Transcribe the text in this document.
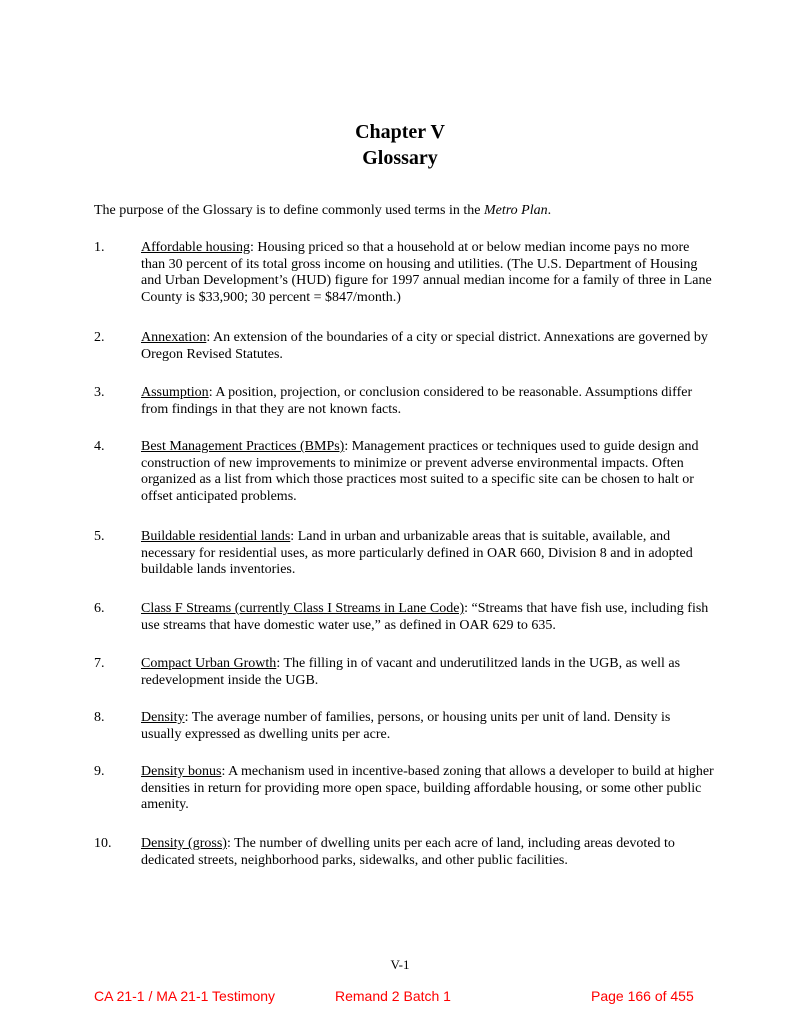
Chapter V
Glossary
The purpose of the Glossary is to define commonly used terms in the Metro Plan.
1.	Affordable housing: Housing priced so that a household at or below median income pays no more than 30 percent of its total gross income on housing and utilities. (The U.S. Department of Housing and Urban Development’s (HUD) figure for 1997 annual median income for a family of three in Lane County is $33,900; 30 percent = $847/month.)
2.	Annexation: An extension of the boundaries of a city or special district. Annexations are governed by Oregon Revised Statutes.
3.	Assumption: A position, projection, or conclusion considered to be reasonable. Assumptions differ from findings in that they are not known facts.
4.	Best Management Practices (BMPs): Management practices or techniques used to guide design and construction of new improvements to minimize or prevent adverse environmental impacts. Often organized as a list from which those practices most suited to a specific site can be chosen to halt or offset anticipated problems.
5.	Buildable residential lands: Land in urban and urbanizable areas that is suitable, available, and necessary for residential uses, as more particularly defined in OAR 660, Division 8 and in adopted buildable lands inventories.
6.	Class F Streams (currently Class I Streams in Lane Code): “Streams that have fish use, including fish use streams that have domestic water use,” as defined in OAR 629 to 635.
7.	Compact Urban Growth: The filling in of vacant and underutilitzed lands in the UGB, as well as redevelopment inside the UGB.
8.	Density: The average number of families, persons, or housing units per unit of land. Density is usually expressed as dwelling units per acre.
9.	Density bonus: A mechanism used in incentive-based zoning that allows a developer to build at higher densities in return for providing more open space, building affordable housing, or some other public amenity.
10.	Density (gross): The number of dwelling units per each acre of land, including areas devoted to dedicated streets, neighborhood parks, sidewalks, and other public facilities.
V-1
CA 21-1 / MA 21-1 Testimony	Remand 2 Batch 1	Page 166 of 455
